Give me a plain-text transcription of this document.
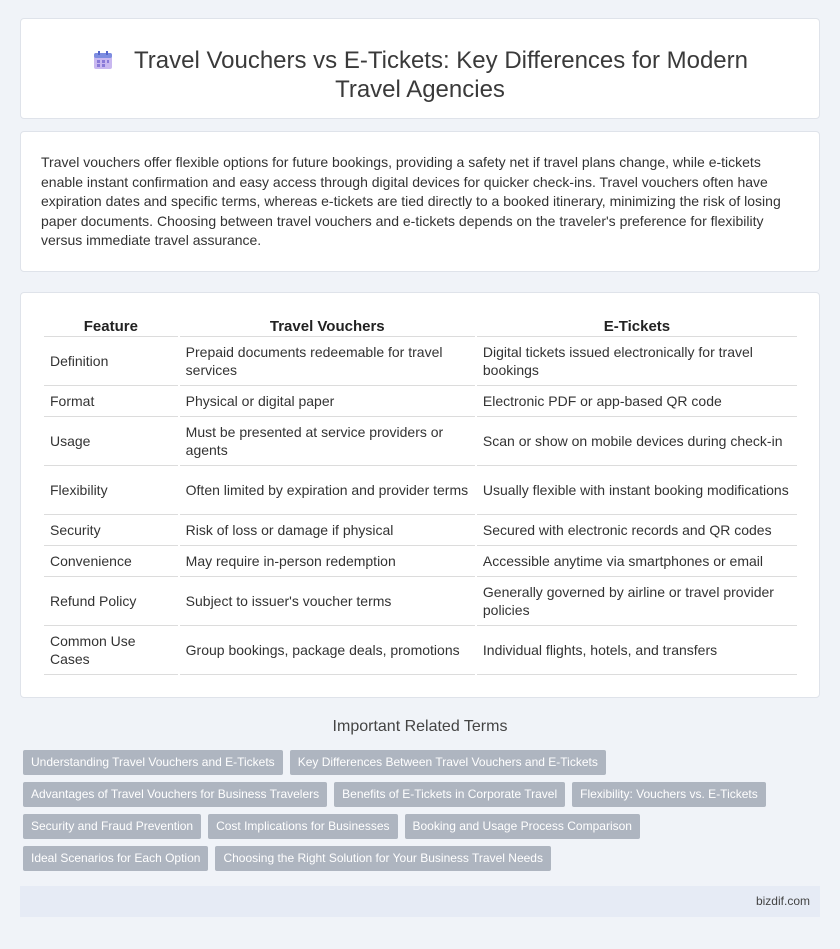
Travel Vouchers vs E-Tickets: Key Differences for Modern Travel Agencies

Travel vouchers offer flexible options for future bookings, providing a safety net if travel plans change, while e-tickets enable instant confirmation and easy access through digital devices for quicker check-ins. Travel vouchers often have expiration dates and specific terms, whereas e-tickets are tied directly to a booked itinerary, minimizing the risk of losing paper documents. Choosing between travel vouchers and e-tickets depends on the traveler's preference for flexibility versus immediate travel assurance.

Feature	Travel Vouchers	E-Tickets
Definition	Prepaid documents redeemable for travel services	Digital tickets issued electronically for travel bookings
Format	Physical or digital paper	Electronic PDF or app-based QR code
Usage	Must be presented at service providers or agents	Scan or show on mobile devices during check-in
Flexibility	Often limited by expiration and provider terms	Usually flexible with instant booking modifications
Security	Risk of loss or damage if physical	Secured with electronic records and QR codes
Convenience	May require in-person redemption	Accessible anytime via smartphones or email
Refund Policy	Subject to issuer's voucher terms	Generally governed by airline or travel provider policies
Common Use Cases	Group bookings, package deals, promotions	Individual flights, hotels, and transfers
Important Related Terms
Understanding Travel Vouchers and E-Tickets Key Differences Between Travel Vouchers and E-Tickets
Advantages of Travel Vouchers for Business Travelers Benefits of E-Tickets in Corporate Travel Flexibility: Vouchers vs. E-Tickets
Security and Fraud Prevention Cost Implications for Businesses Booking and Usage Process Comparison
Ideal Scenarios for Each Option Choosing the Right Solution for Your Business Travel Needs
bizdif.com
